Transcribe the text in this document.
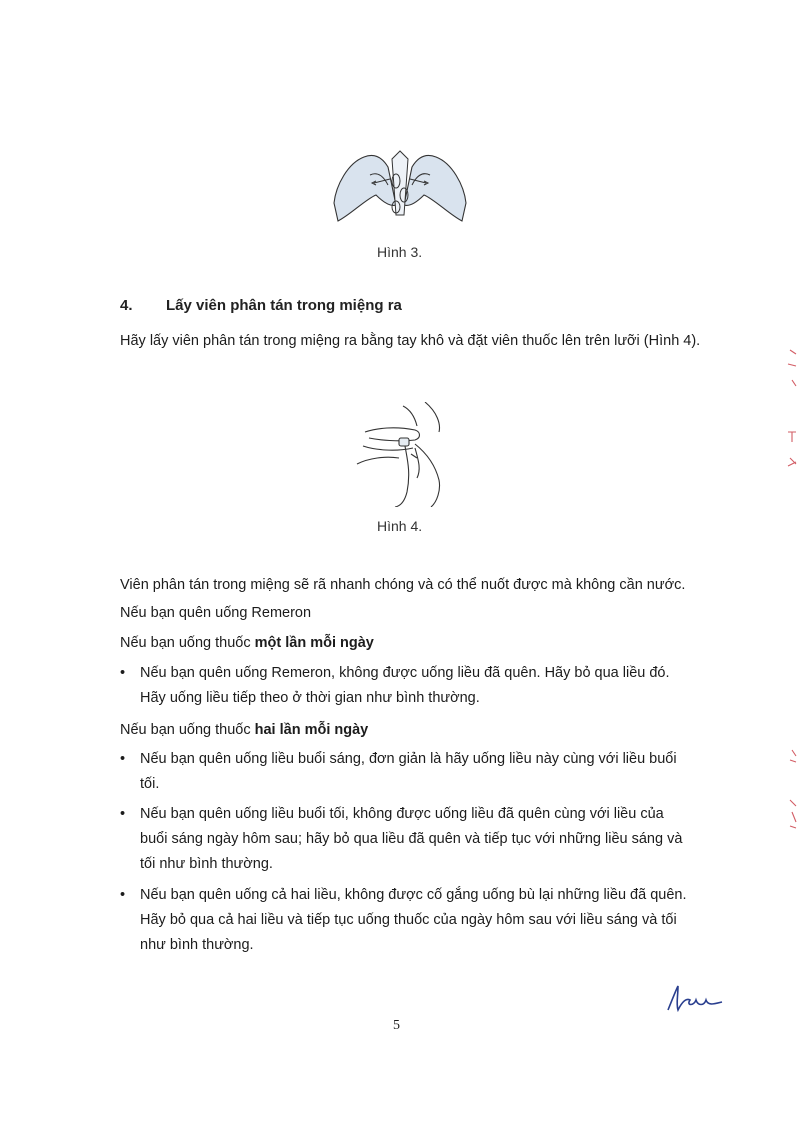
Hình 3.
4. Lấy viên phân tán trong miệng ra
Hãy lấy viên phân tán trong miệng ra bằng tay khô và đặt viên thuốc lên trên lưỡi (Hình 4).
Hình 4.
Viên phân tán trong miệng sẽ rã nhanh chóng và có thể nuốt được mà không cần nước.
Nếu bạn quên uống Remeron
Nếu bạn uống thuốc một lần mỗi ngày
•	Nếu bạn quên uống Remeron, không được uống liều đã quên. Hãy bỏ qua liều đó. Hãy uống liều tiếp theo ở thời gian như bình thường.
Nếu bạn uống thuốc hai lần mỗi ngày
•	Nếu bạn quên uống liều buổi sáng, đơn giản là hãy uống liều này cùng với liều buổi tối.
•	Nếu bạn quên uống liều buổi tối, không được uống liều đã quên cùng với liều của buổi sáng ngày hôm sau; hãy bỏ qua liều đã quên và tiếp tục với những liều sáng và tối như bình thường.
•	Nếu bạn quên uống cả hai liều, không được cố gắng uống bù lại những liều đã quên. Hãy bỏ qua cả hai liều và tiếp tục uống thuốc của ngày hôm sau với liều sáng và tối như bình thường.
5
